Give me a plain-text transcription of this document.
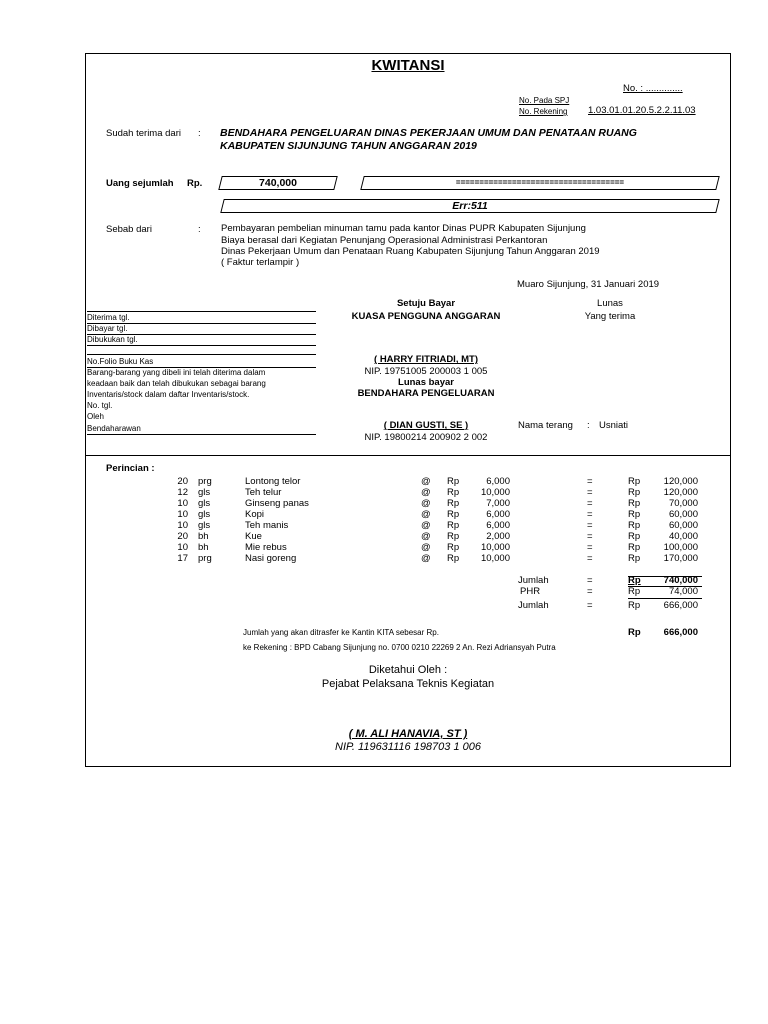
KWITANSI
No. : ..............
No. Pada SPJ
No. Rekening 1.03.01.01.20.5.2.2.11.03
Sudah terima dari : BENDAHARA PENGELUARAN DINAS PEKERJAAN UMUM DAN PENATAAN RUANG
KABUPATEN SIJUNJUNG TAHUN ANGGARAN 2019
Uang sejumlah Rp.	740,000	====================================
Err:511
Sebab dari	: Pembayaran pembelian minuman tamu pada kantor Dinas PUPR Kabupaten Sijunjung
Biaya berasal dari Kegiatan Penunjang Operasional Administrasi Perkantoran
Dinas Pekerjaan Umum dan Penataan Ruang Kabupaten Sijunjung Tahun Anggaran 2019
( Faktur terlampir )
Muaro Sijunjung, 31 Januari 2019
Diterima tgl.
Dibayar tgl.
Dibukukan tgl.
No.Folio Buku Kas
Barang-barang yang dibeli ini telah diterima dalam
keadaan baik dan telah dibukukan sebagai barang
Inventaris/stock dalam daftar Inventaris/stock.
No. tgl.
Oleh
Bendaharawan
Setuju Bayar
KUASA PENGGUNA ANGGARAN
( HARRY FITRIADI, MT)
NIP. 19751005 200003 1 005
Lunas bayar
BENDAHARA PENGELUARAN
( DIAN GUSTI, SE )
NIP. 19800214 200902 2 002
Lunas
Yang terima
Nama terang : Usniati
Perincian :
20 prg	Lontong telor	@ Rp	6,000	=	Rp	120,000
12 gls	Teh telur	@ Rp	10,000	=	Rp	120,000
10 gls	Ginseng panas	@ Rp	7,000	=	Rp	70,000
10 gls	Kopi	@ Rp	6,000	=	Rp	60,000
10 gls	Teh manis	@ Rp	6,000	=	Rp	60,000
20 bh	Kue	@ Rp	2,000	=	Rp	40,000
10 bh	Mie rebus	@ Rp	10,000	=	Rp	100,000
17 prg	Nasi goreng	@ Rp	10,000	=	Rp	170,000
Jumlah	=	Rp	740,000
PHR	=	Rp	74,000
Jumlah	=	Rp	666,000
Jumlah yang akan ditrasfer ke Kantin KITA sebesar Rp.	Rp	666,000
ke Rekening : BPD Cabang Sijunjung no. 0700 0210 22269 2 An. Rezi Adriansyah Putra
Diketahui Oleh :
Pejabat Pelaksana Teknis Kegiatan
( M. ALI HANAVIA, ST )
NIP. 119631116 198703 1 006
